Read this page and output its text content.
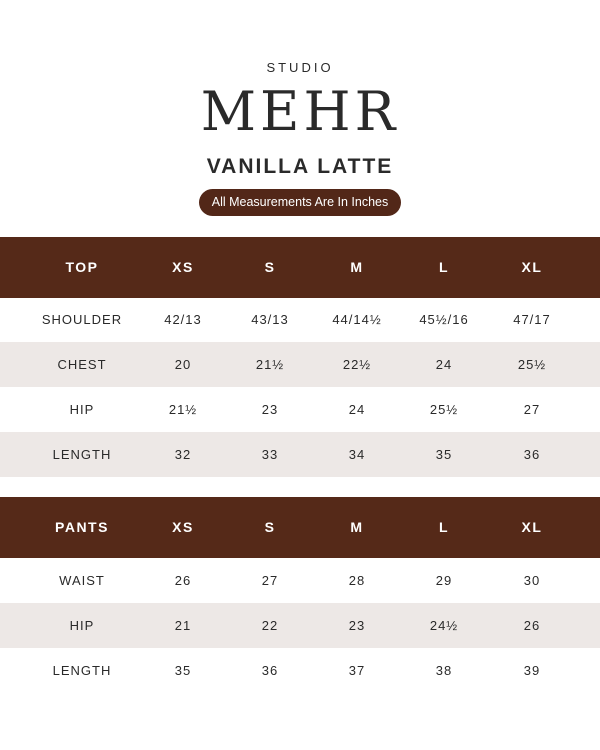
STUDIO
MEHR
VANILLA LATTE
All Measurements Are In Inches
TOP	XS	S	M	L	XL
SHOULDER	42/13	43/13	44/14½	45½/16	47/17
CHEST	20	21½	22½	24	25½
HIP	21½	23	24	25½	27
LENGTH	32	33	34	35	36
PANTS	XS	S	M	L	XL
WAIST	26	27	28	29	30
HIP	21	22	23	24½	26
LENGTH	35	36	37	38	39
